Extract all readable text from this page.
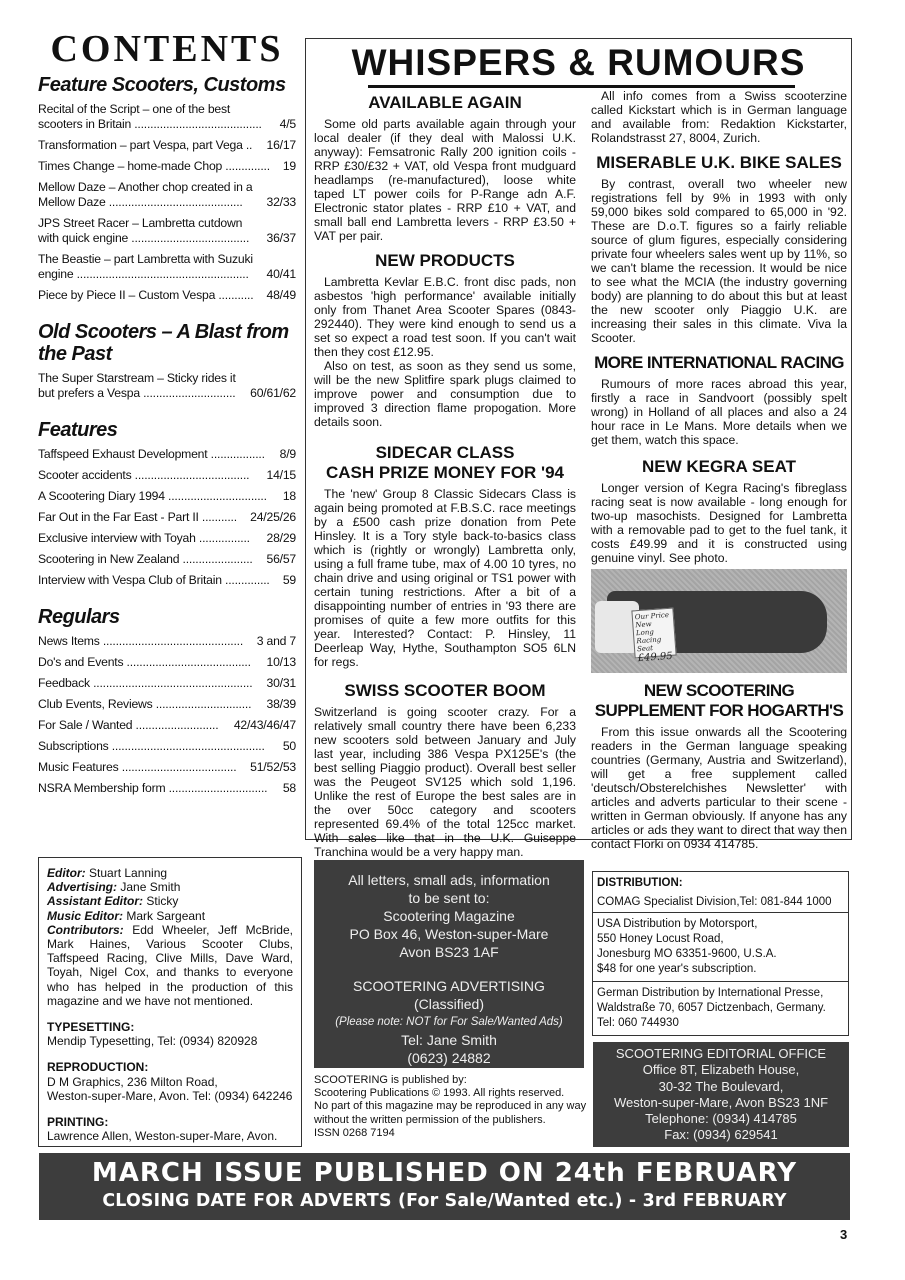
CONTENTS
Feature Scooters, Customs
Recital of the Script – one of the best scooters in Britain ........................................	4/5
Transformation – part Vespa, part Vega ..	16/17
Times Change – home-made Chop ..............	19
Mellow Daze – Another chop created in a Mellow Daze ..........................................	32/33
JPS Street Racer – Lambretta cutdown with quick engine .....................................	36/37
The Beastie – part Lambretta with Suzuki engine ......................................................	40/41
Piece by Piece II – Custom Vespa ...........	48/49
Old Scooters – A Blast from the Past
The Super Starstream – Sticky rides it but prefers a Vespa .............................	60/61/62
Features
Taffspeed Exhaust Development .................	8/9
Scooter accidents ....................................	14/15
A Scootering Diary 1994 ...............................	18
Far Out in the Far East - Part II ...........	24/25/26
Exclusive interview with Toyah ................	28/29
Scootering in New Zealand ......................	56/57
Interview with Vespa Club of Britain ..............	59
Regulars
News Items ............................................	3 and 7
Do's and Events .......................................	10/13
Feedback ..................................................	30/31
Club Events, Reviews ..............................	38/39
For Sale / Wanted ..........................	42/43/46/47
Subscriptions ................................................	50
Music Features ....................................	51/52/53
NSRA Membership form ...............................	58
WHISPERS & RUMOURS
AVAILABLE AGAIN
Some old parts available again through your local dealer (if they deal with Malossi U.K. anyway): Femsatronic Rally 200 ignition coils - RRP £30/£32 + VAT, old Vespa front mudguard headlamps (re-manufactured), loose white taped LT power coils for P-Range adn A.F. Electronic stator plates - RRP £10 + VAT, and small ball end Lambretta levers - RRP £3.50 + VAT per pair.
NEW PRODUCTS
Lambretta Kevlar E.B.C. front disc pads, non asbestos 'high performance' available initially only from Thanet Area Scooter Spares (0843-292440). They were kind enough to send us a set so expect a road test soon. If you can't wait then they cost £12.95.
Also on test, as soon as they send us some, will be the new Splitfire spark plugs claimed to improve power and consumption due to improved 3 direction flame propogation. More details soon.
SIDECAR CLASS
CASH PRIZE MONEY FOR '94
The 'new' Group 8 Classic Sidecars Class is again being promoted at F.B.S.C. race meetings by a £500 cash prize donation from Pete Hinsley. It is a Tory style back-to-basics class which is (rightly or wrongly) Lambretta only, using a full frame tube, max of 4.00 10 tyres, no chain drive and using original or TS1 power with certain tuning restrictions. After a bit of a disappointing number of entries in '93 there are promises of quite a few more outfits for this year. Interested? Contact: P. Hinsley, 11 Deerleap Way, Hythe, Southampton SO5 6LN for regs.
SWISS SCOOTER BOOM
Switzerland is going scooter crazy. For a relatively small country there have been 6,233 new scooters sold between January and July last year, including 386 Vespa PX125E's (the best selling Piaggio product). Overall best seller was the Peugeot SV125 which sold 1,196. Unlike the rest of Europe the best sales are in the over 50cc category and scooters represented 69.4% of the total 125cc market. With sales like that in the U.K. Guiseppe Tranchina would be a very happy man.
All info comes from a Swiss scooterzine called Kickstart which is in German language and available from: Redaktion Kickstarter, Rolandstrasst 27, 8004, Zurich.
MISERABLE U.K. BIKE SALES
By contrast, overall two wheeler new registrations fell by 9% in 1993 with only 59,000 bikes sold compared to 65,000 in '92. These are D.o.T. figures so a fairly reliable source of glum figures, especially considering private four wheelers sales went up by 11%, so we can't blame the recession. It would be nice to see what the MCIA (the industry governing body) are planning to do about this but at least the new scooter only Piaggio U.K. are increasing their sales in this climate. Viva la Scooter.
MORE INTERNATIONAL RACING
Rumours of more races abroad this year, firstly a race in Sandvoort (possibly spelt wrong) in Holland of all places and also a 24 hour race in Le Mans. More details when we get them, watch this space.
NEW KEGRA SEAT
Longer version of Kegra Racing's fibreglass racing seat is now available - long enough for two-up masochists. Designed for Lambretta with a removable pad to get to the fuel tank, it costs £49.99 and it is constructed using genuine vinyl. See photo.
Our Price
New Long
Racing
Seat
£49.95
NEW SCOOTERING
SUPPLEMENT FOR HOGARTH'S
From this issue onwards all the Scootering readers in the German language speaking countries (Germany, Austria and Switzerland), will get a free supplement called 'deutsch/Obsterelchishes Newsletter' with articles and adverts particular to their scene - written in German obviously. If anyone has any articles or ads they want to direct that way then contact Florki on 0934 414785.
Editor: Stuart Lanning
Advertising: Jane Smith
Assistant Editor: Sticky
Music Editor: Mark Sargeant
Contributors: Edd Wheeler, Jeff McBride, Mark Haines, Various Scooter Clubs, Taffspeed Racing, Clive Mills, Dave Ward, Toyah, Nigel Cox, and thanks to everyone who has helped in the production of this magazine and we have not mentioned.
TYPESETTING:
Mendip Typesetting, Tel: (0934) 820928
REPRODUCTION:
D M Graphics, 236 Milton Road,
Weston-super-Mare, Avon. Tel: (0934) 642246
PRINTING:
Lawrence Allen, Weston-super-Mare, Avon.
All letters, small ads, information
to be sent to:
Scootering Magazine
PO Box 46, Weston-super-Mare
Avon BS23 1AF
SCOOTERING ADVERTISING
(Classified)
(Please note: NOT for For Sale/Wanted Ads)
Tel: Jane Smith
(0623) 24882
SCOOTERING is published by:
Scootering Publications © 1993. All rights reserved.
No part of this magazine may be reproduced in any way without the written permission of the publishers.
ISSN 0268 7194
DISTRIBUTION:
COMAG Specialist Division,Tel: 081-844 1000
USA Distribution by Motorsport,
550 Honey Locust Road,
Jonesburg MO 63351-9600, U.S.A.
$48 for one year's subscription.
German Distribution by International Presse,
Waldstraße 70, 6057 Dictzenbach, Germany.
Tel: 060 744930
SCOOTERING EDITORIAL OFFICE
Office 8T, Elizabeth House,
30-32 The Boulevard,
Weston-super-Mare, Avon BS23 1NF
Telephone: (0934) 414785
Fax: (0934) 629541
MARCH ISSUE PUBLISHED ON 24th FEBRUARY
CLOSING DATE FOR ADVERTS (For Sale/Wanted etc.) - 3rd FEBRUARY
3
